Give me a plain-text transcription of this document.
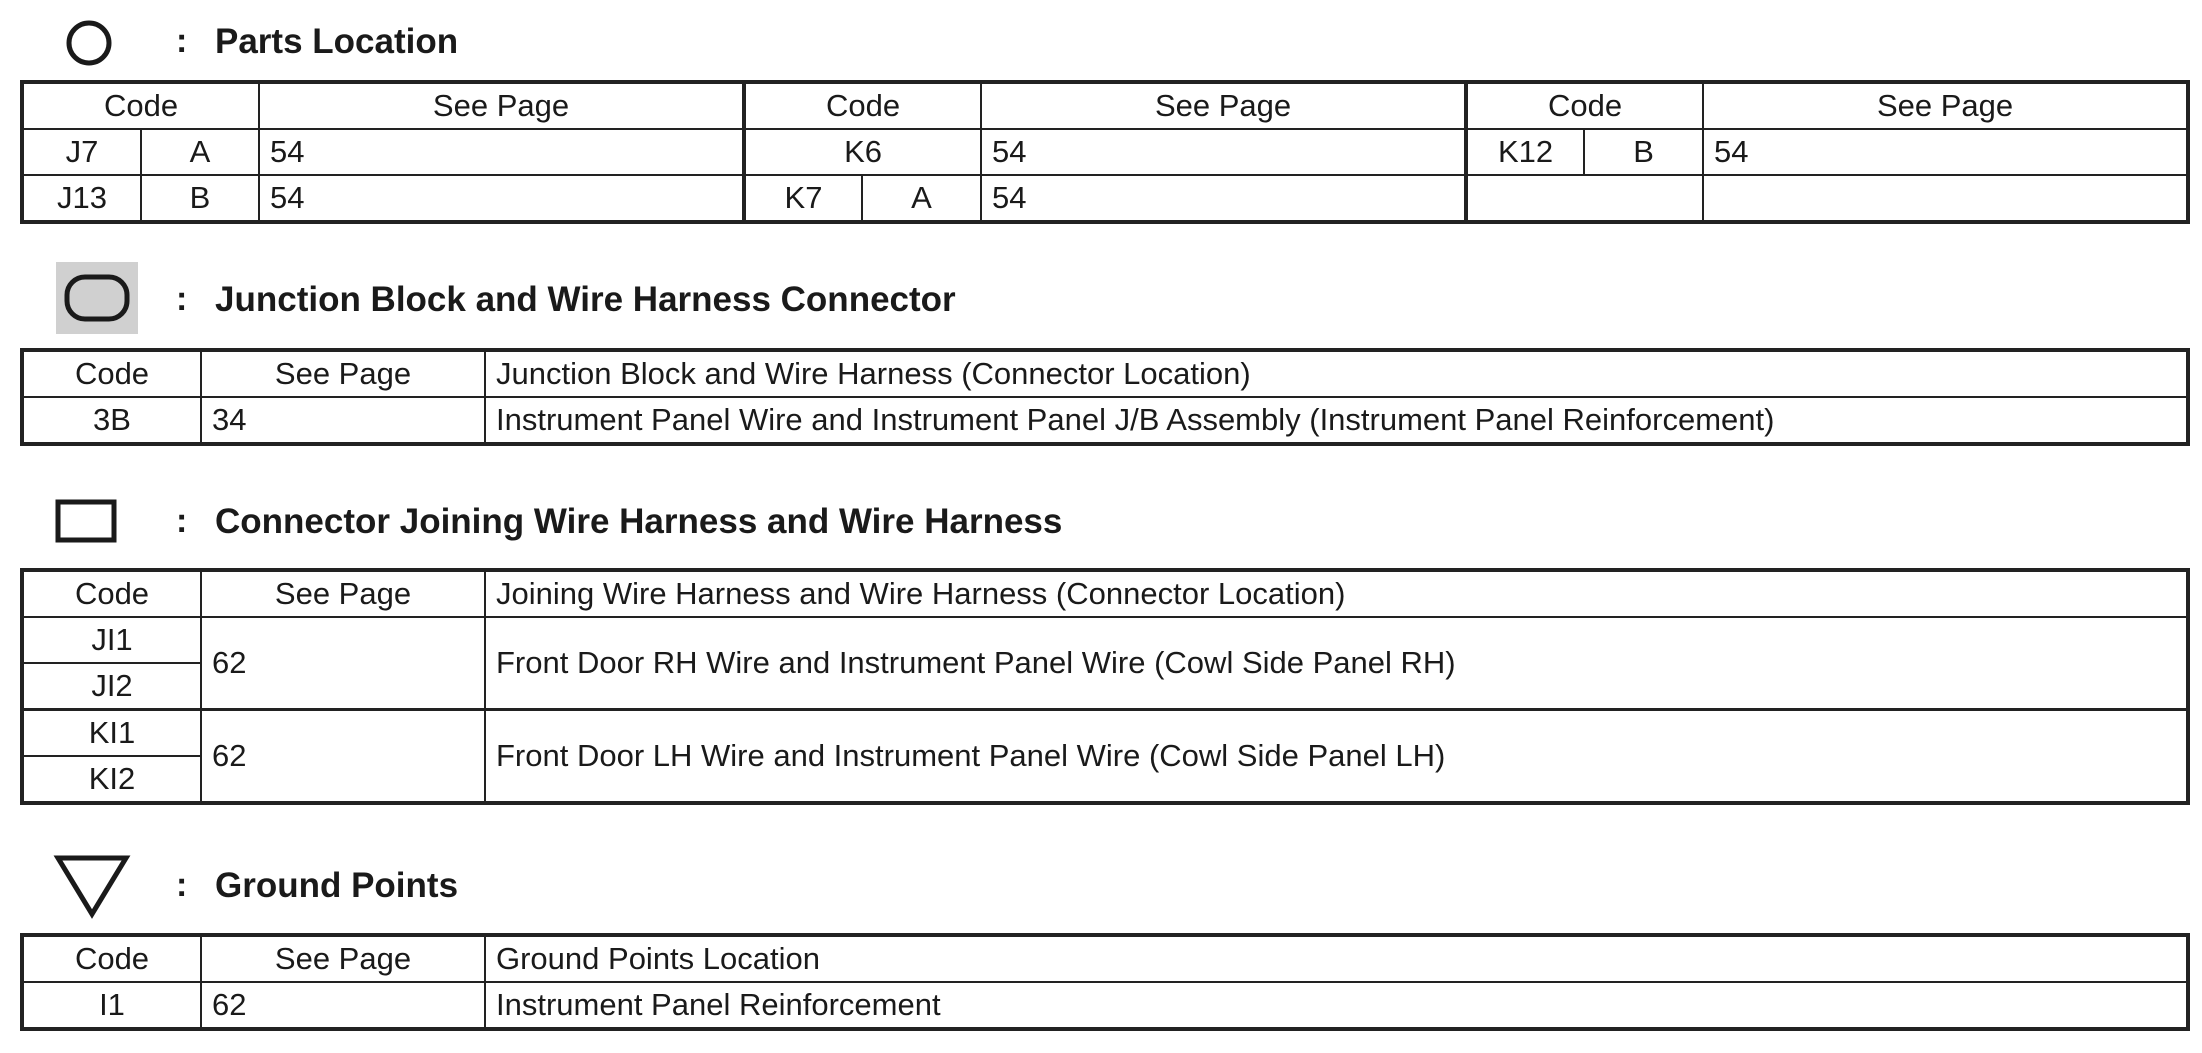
: Parts Location
Code		See Page	Code		See Page	Code		See Page
J7	A	54	K6		54	K12	B	54
J13	B	54	K7	A	54			
: Junction Block and Wire Harness Connector
Code	See Page	Junction Block and Wire Harness (Connector Location)
3B	34	Instrument Panel Wire and Instrument Panel J/B Assembly (Instrument Panel Reinforcement)
: Connector Joining Wire Harness and Wire Harness
Code	See Page	Joining Wire Harness and Wire Harness (Connector Location)
JI1	62	Front Door RH Wire and Instrument Panel Wire (Cowl Side Panel RH)
JI2		
KI1	62	Front Door LH Wire and Instrument Panel Wire (Cowl Side Panel LH)
KI2		
: Ground Points
Code	See Page	Ground Points Location
I1	62	Instrument Panel Reinforcement
